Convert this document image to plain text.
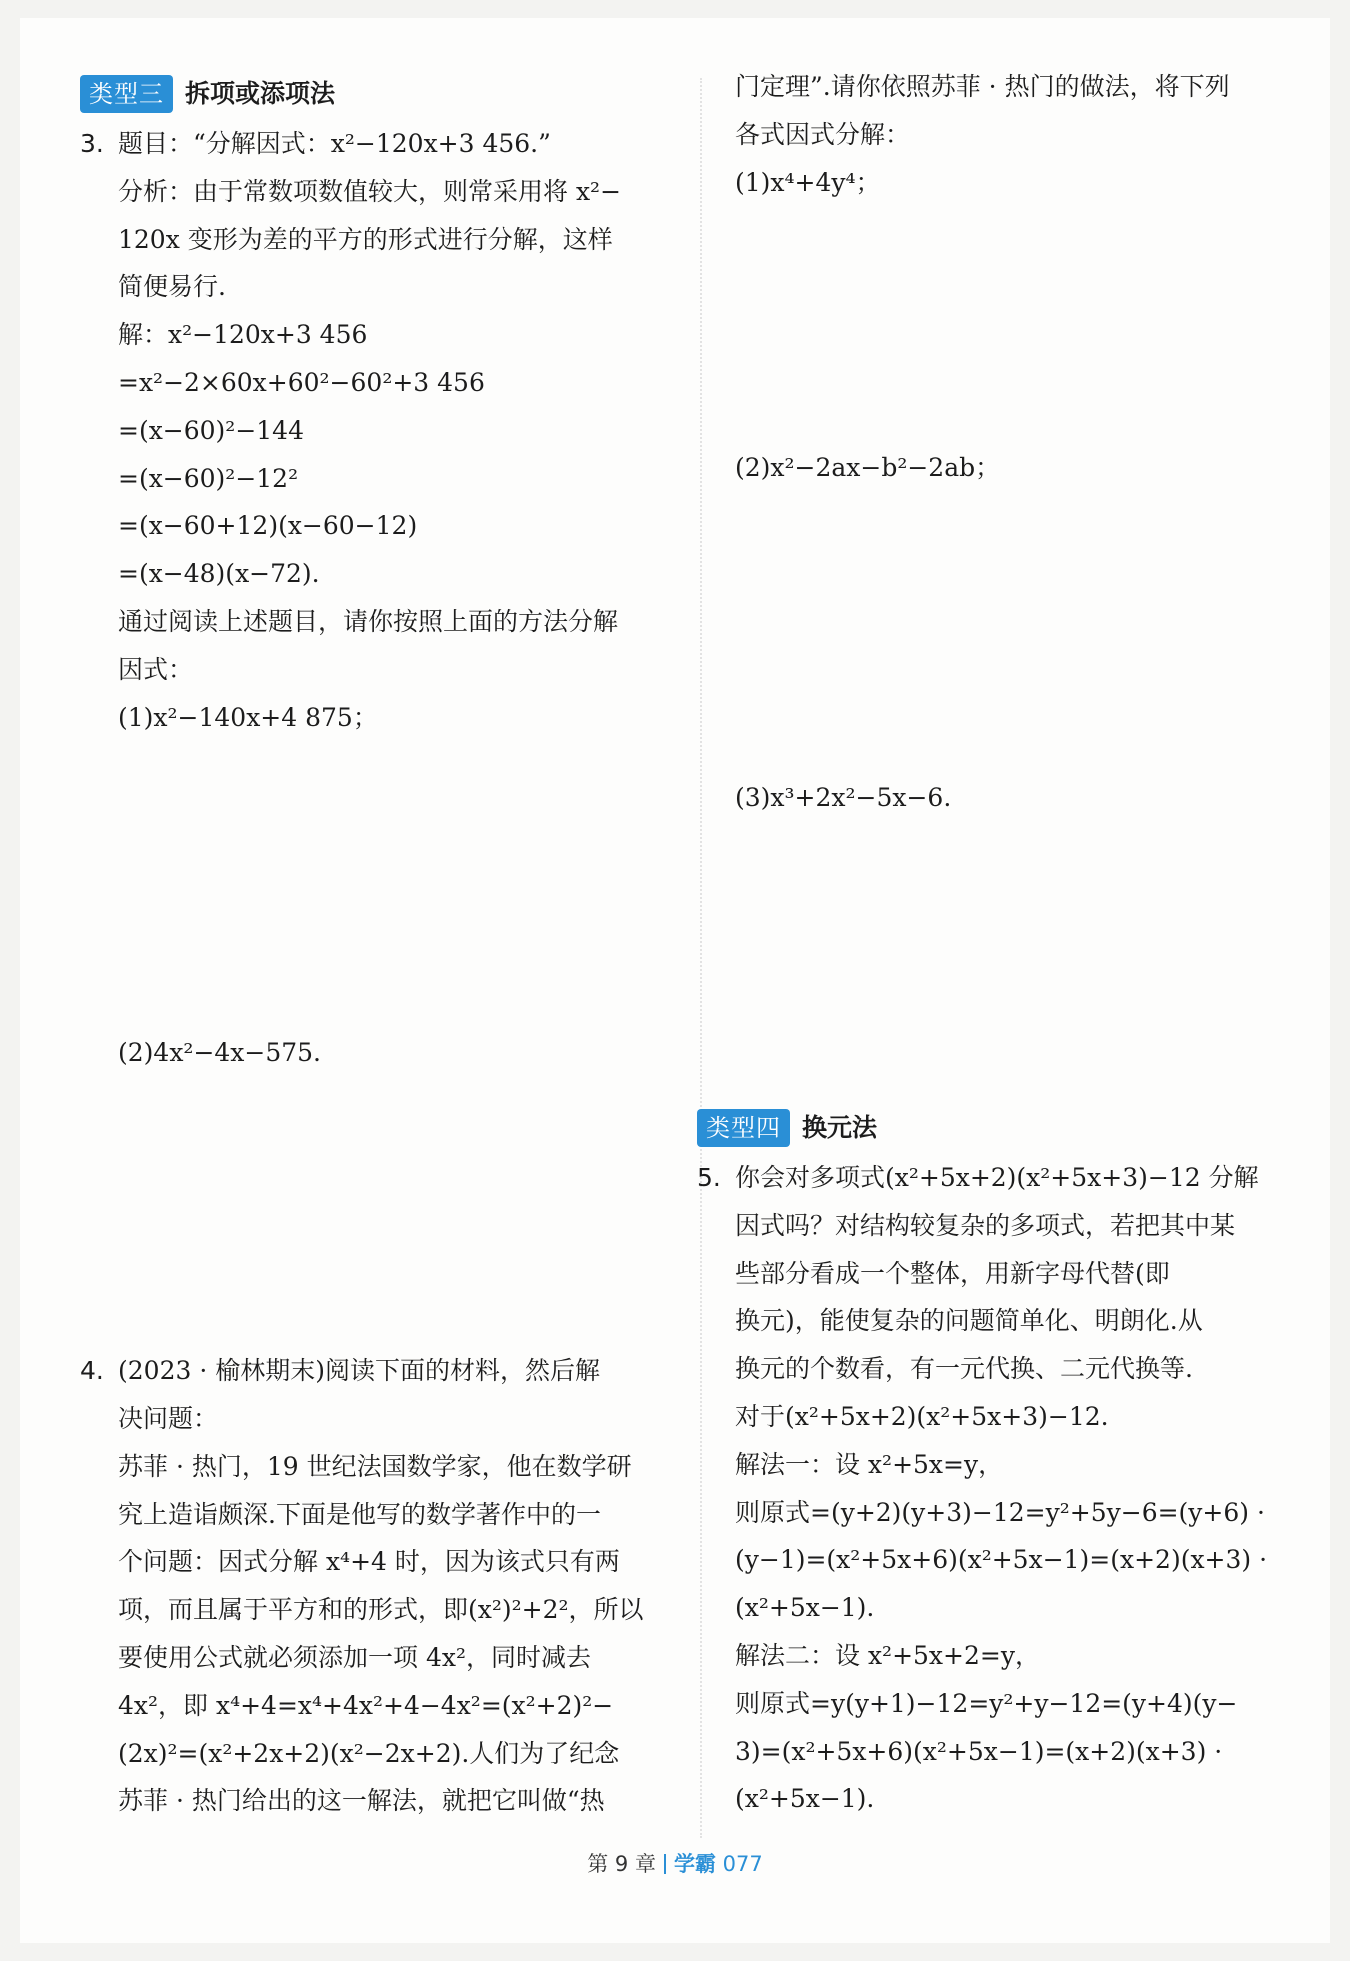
类型三 拆项或添项法
3. 题目：“分解因式：x²−120x+3 456.”
分析：由于常数项数值较大，则常采用将 x²−
120x 变形为差的平方的形式进行分解，这样
简便易行.
解：x²−120x+3 456
=x²−2×60x+60²−60²+3 456
=(x−60)²−144
=(x−60)²−12²
=(x−60+12)(x−60−12)
=(x−48)(x−72).
通过阅读上述题目，请你按照上面的方法分解
因式：
(1)x²−140x+4 875；
(2)4x²−4x−575.
4. (2023 · 榆林期末)阅读下面的材料，然后解
决问题：
苏菲 · 热门，19 世纪法国数学家，他在数学研
究上造诣颇深.下面是他写的数学著作中的一
个问题：因式分解 x⁴+4 时，因为该式只有两
项，而且属于平方和的形式，即(x²)²+2²，所以
要使用公式就必须添加一项 4x²，同时减去
4x²，即 x⁴+4=x⁴+4x²+4−4x²=(x²+2)²−
(2x)²=(x²+2x+2)(x²−2x+2).人们为了纪念
苏菲 · 热门给出的这一解法，就把它叫做“热
门定理”.请你依照苏菲 · 热门的做法，将下列
各式因式分解：
(1)x⁴+4y⁴；
(2)x²−2ax−b²−2ab；
(3)x³+2x²−5x−6.
类型四 换元法
5. 你会对多项式(x²+5x+2)(x²+5x+3)−12 分解
因式吗？对结构较复杂的多项式，若把其中某
些部分看成一个整体，用新字母代替(即
换元)，能使复杂的问题简单化、明朗化.从
换元的个数看，有一元代换、二元代换等.
对于(x²+5x+2)(x²+5x+3)−12.
解法一：设 x²+5x=y，
则原式=(y+2)(y+3)−12=y²+5y−6=(y+6) ·
(y−1)=(x²+5x+6)(x²+5x−1)=(x+2)(x+3) ·
(x²+5x−1).
解法二：设 x²+5x+2=y，
则原式=y(y+1)−12=y²+y−12=(y+4)(y−
3)=(x²+5x+6)(x²+5x−1)=(x+2)(x+3) ·
(x²+5x−1).
第 9 章 学霸 077
